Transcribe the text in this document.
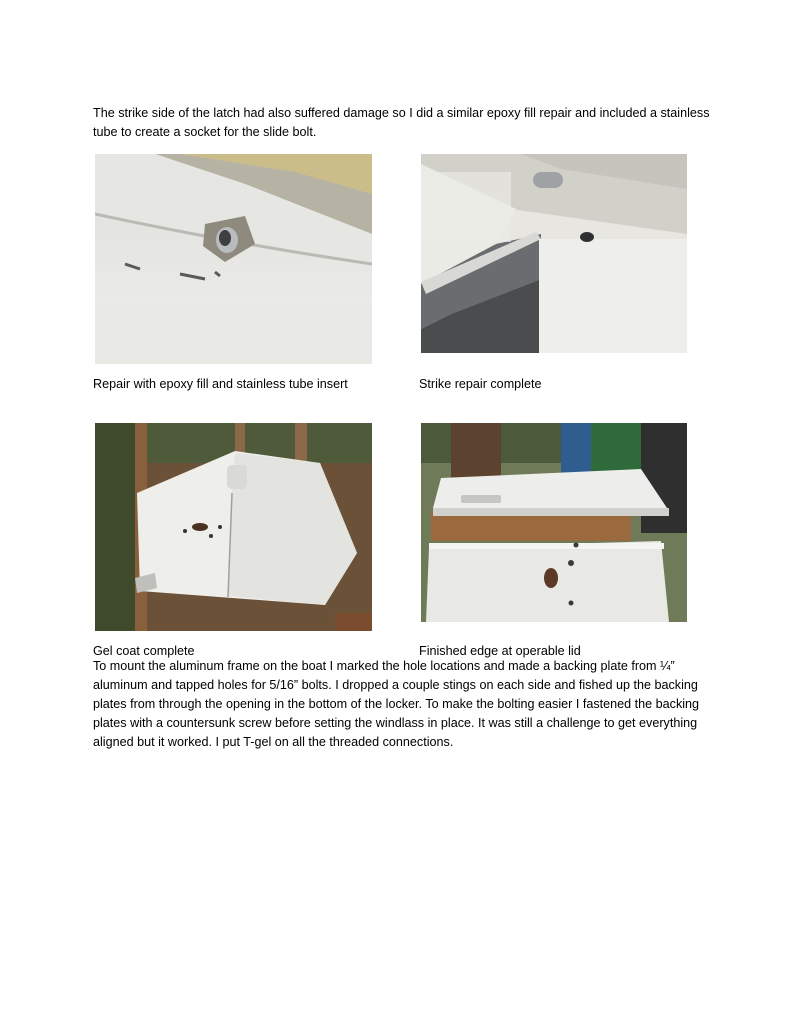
The strike side of the latch had also suffered damage so I did a similar epoxy fill repair and included a stainless tube to create a socket for the slide bolt.

Repair with epoxy fill and stainless tube insert	Strike repair complete
Gel coat complete	Finished edge at operable lid

To mount the aluminum frame on the boat I marked the hole locations and made a backing plate from ¼” aluminum and tapped holes for 5/16” bolts. I dropped a couple stings on each side and fished up the backing plates from through the opening in the bottom of the locker. To make the bolting easier I fastened the backing plates with a countersunk screw before setting the windlass in place. It was still a challenge to get everything aligned but it worked. I put T-gel on all the threaded connections.
